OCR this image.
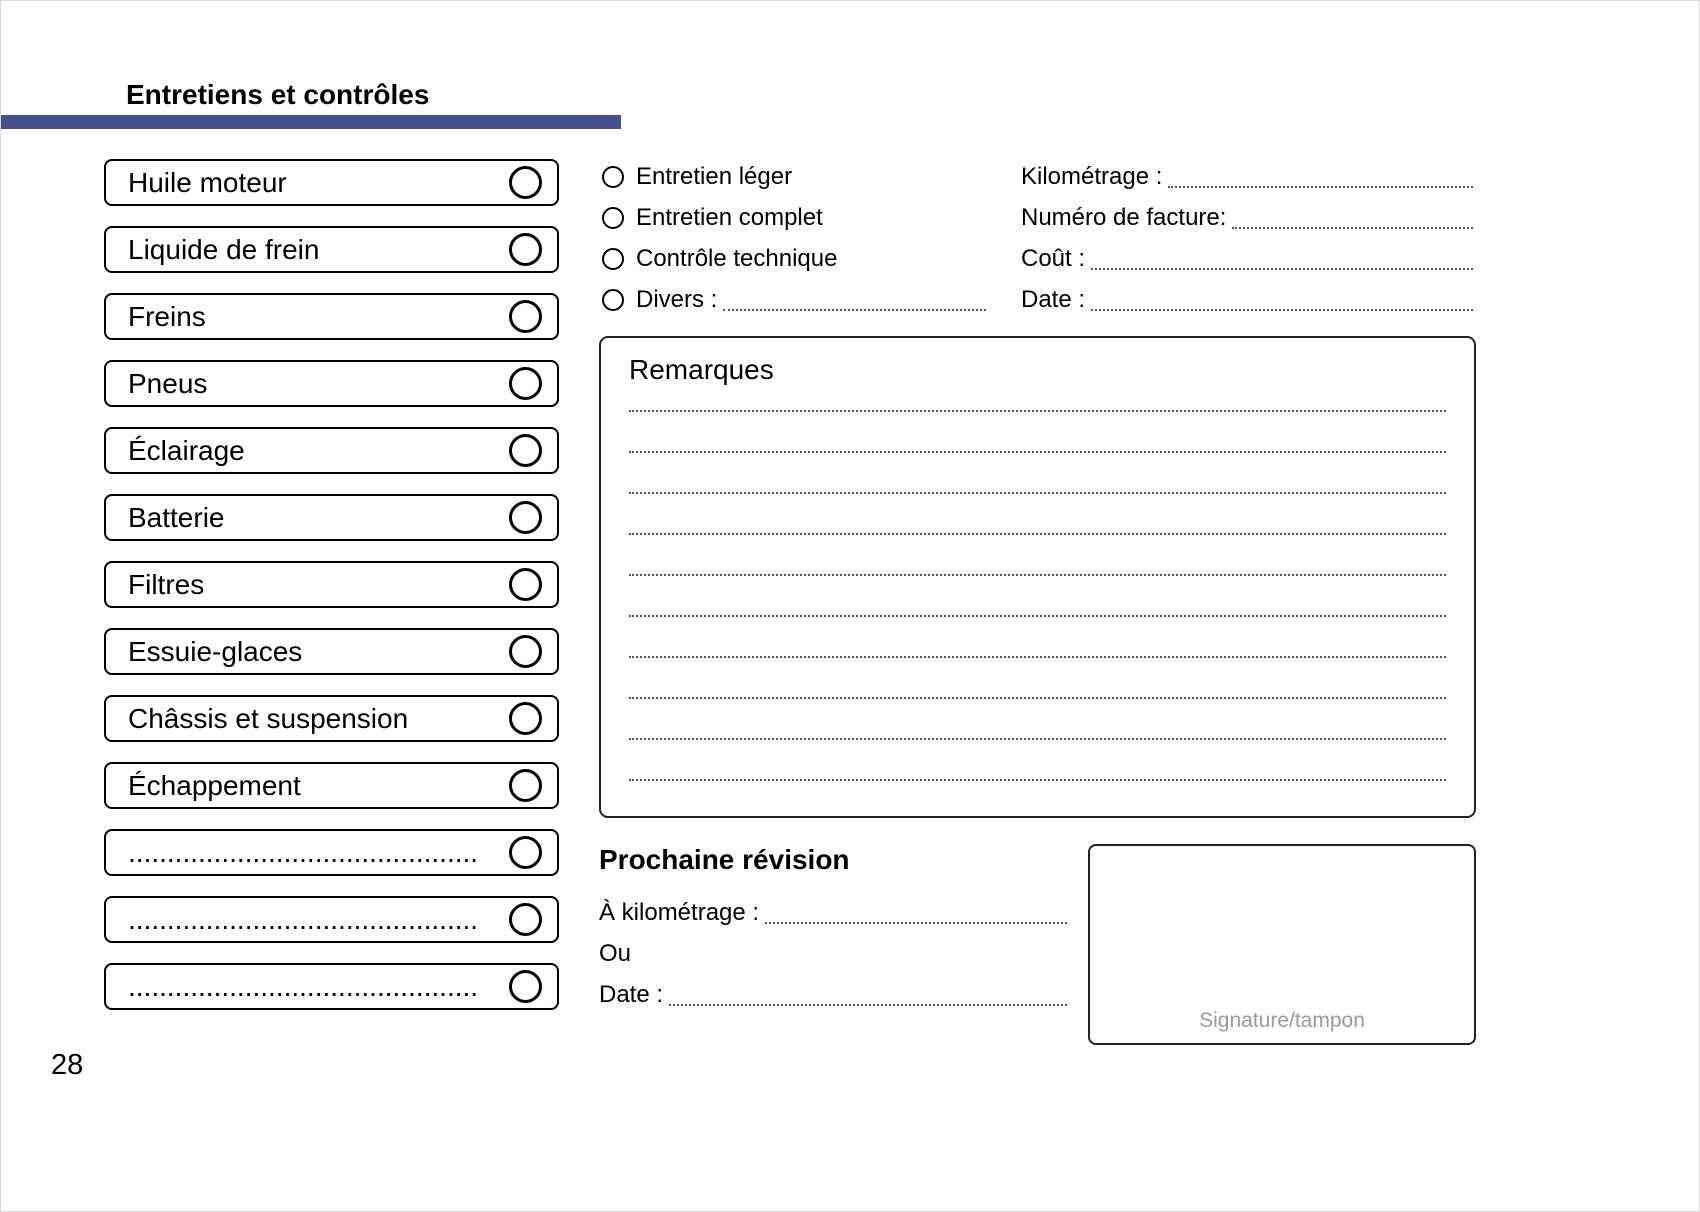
Entretiens et contrôles
Huile moteur
Liquide de frein
Freins
Pneus
Éclairage
Batterie
Filtres
Essuie-glaces
Châssis et suspension
Échappement
.............................................
.............................................
.............................................
Entretien léger
Entretien complet
Contrôle technique
Divers :
Kilométrage :
Numéro de facture:
Coût :
Date :
Remarques
Prochaine révision
À kilométrage :
Ou
Date :
Signature/tampon
28
